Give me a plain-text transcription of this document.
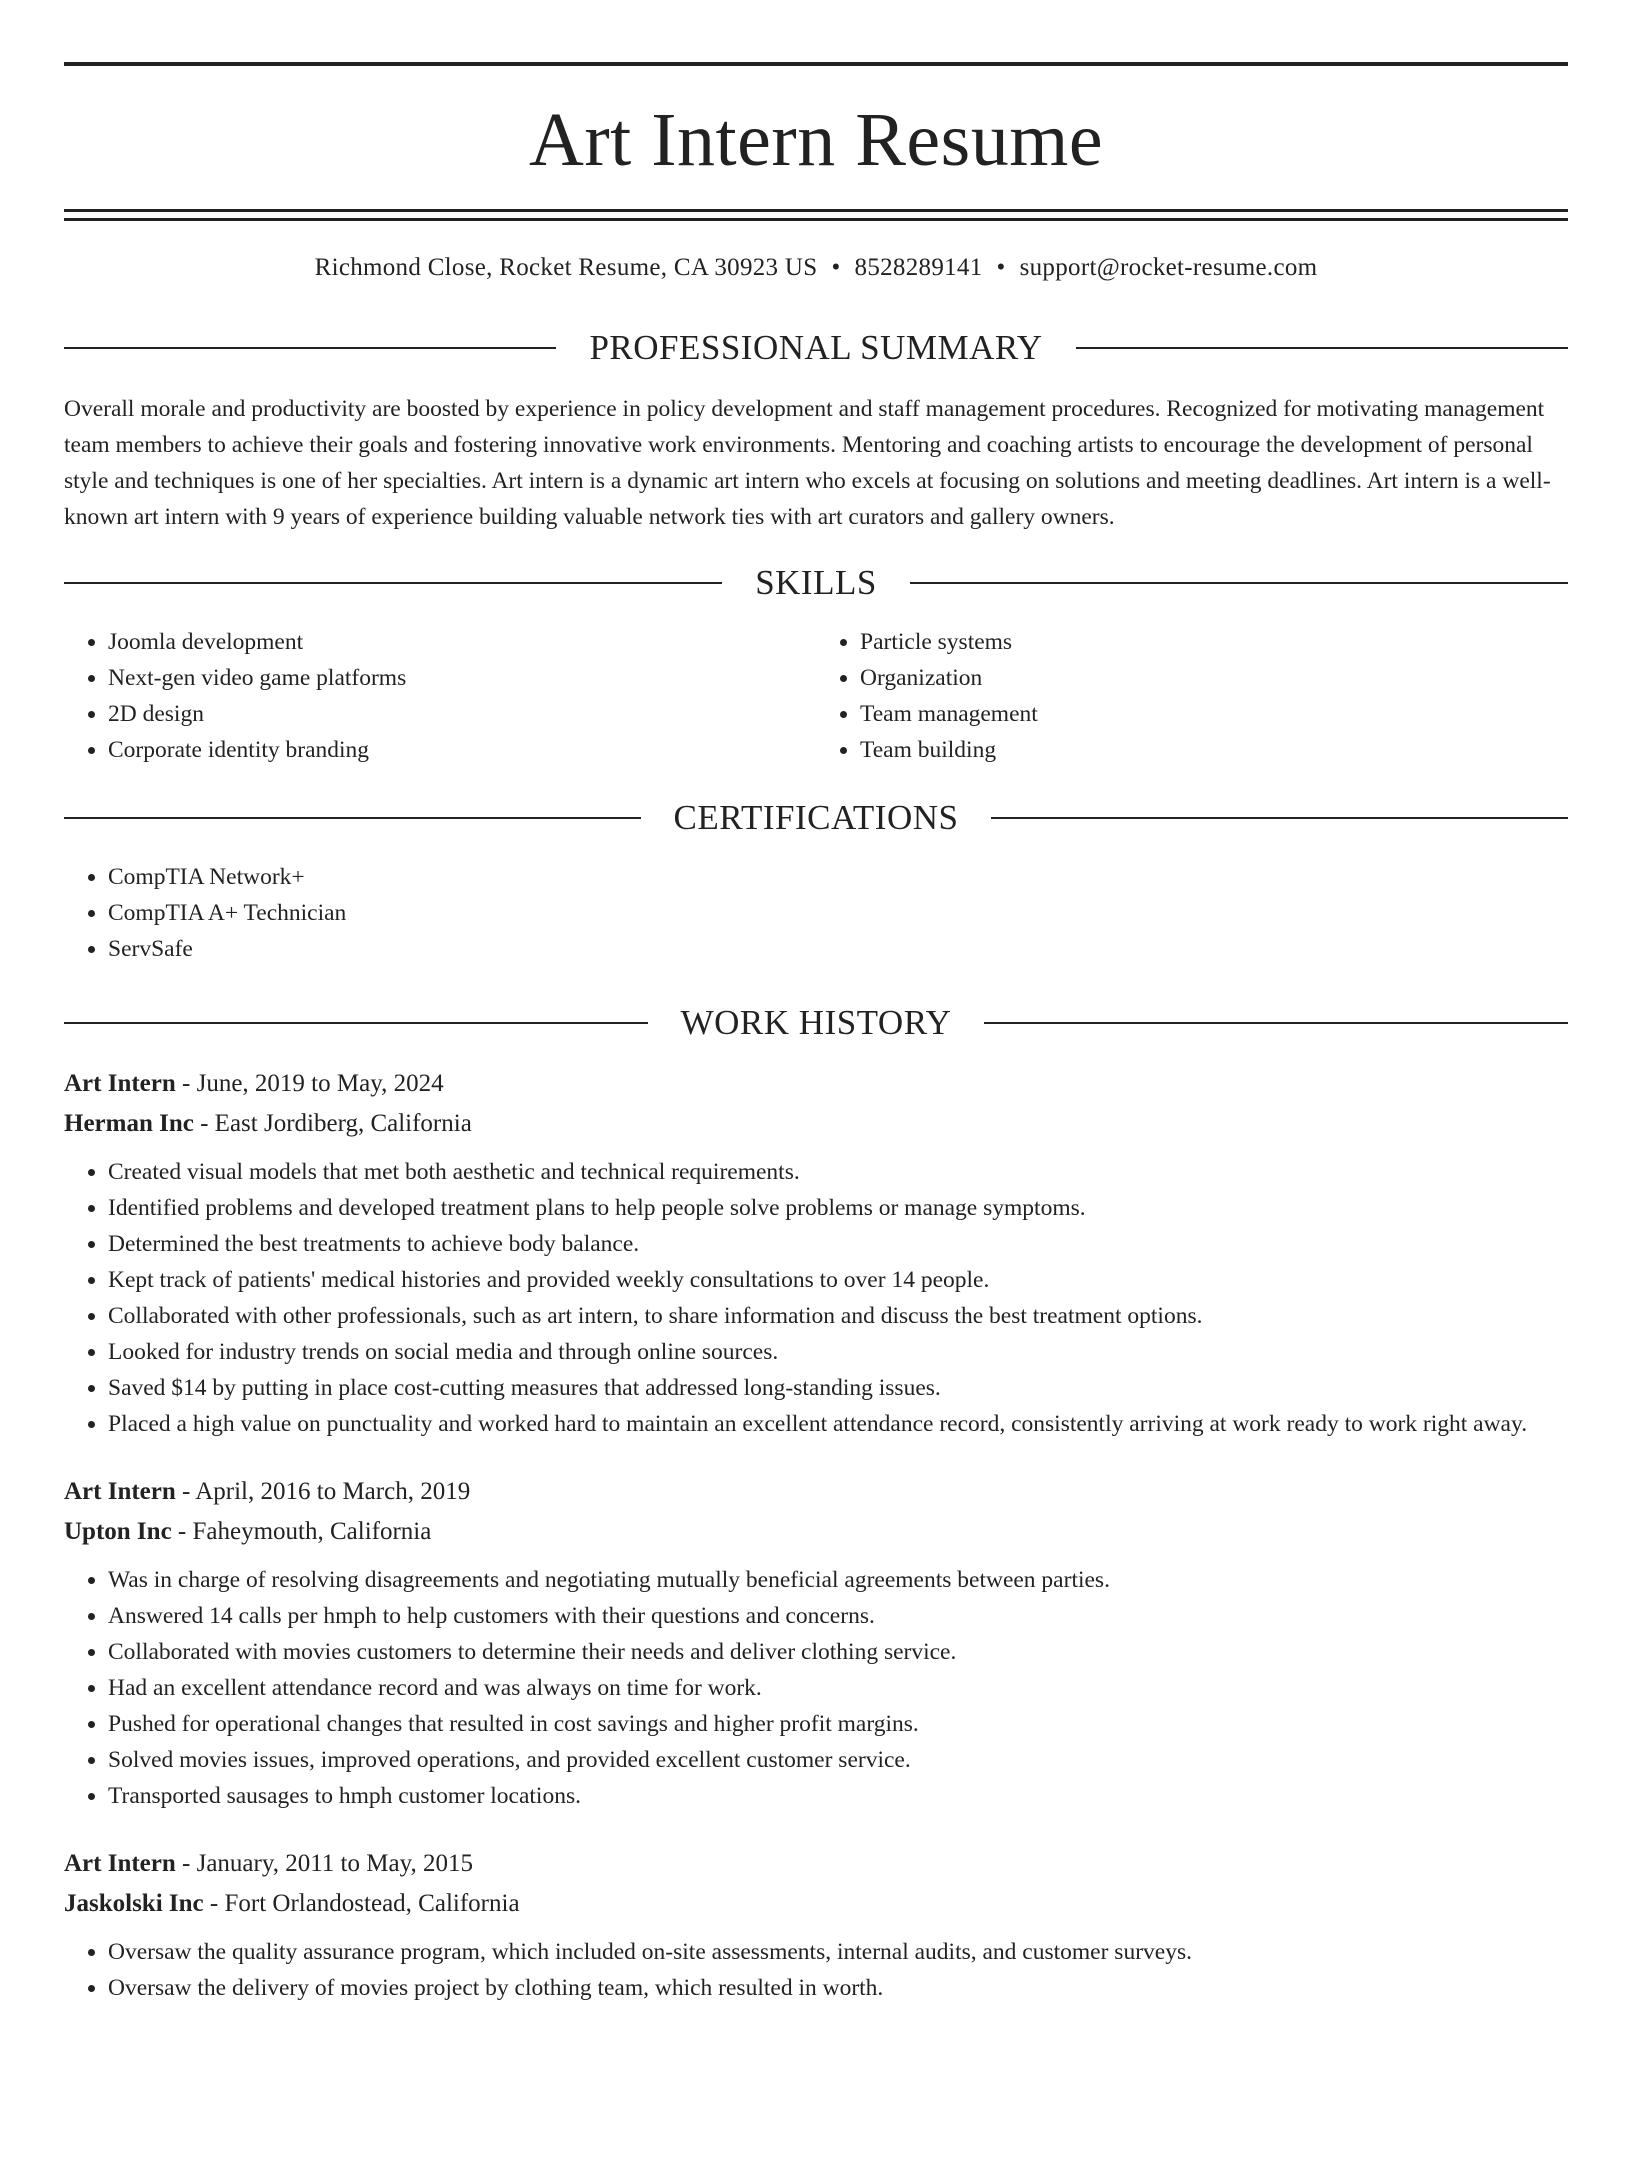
Art Intern Resume
Richmond Close, Rocket Resume, CA 30923 US • 8528289141 • support@rocket-resume.com
PROFESSIONAL SUMMARY

Overall morale and productivity are boosted by experience in policy development and staff management procedures. Recognized for motivating management team members to achieve their goals and fostering innovative work environments. Mentoring and coaching artists to encourage the development of personal style and techniques is one of her specialties. Art intern is a dynamic art intern who excels at focusing on solutions and meeting deadlines. Art intern is a well-known art intern with 9 years of experience building valuable network ties with art curators and gallery owners.

SKILLS
• Joomla development
• Next-gen video game platforms
• 2D design
• Corporate identity branding
• Particle systems
• Organization
• Team management
• Team building
CERTIFICATIONS
• CompTIA Network+
• CompTIA A+ Technician
• ServSafe
WORK HISTORY
Art Intern - June, 2019 to May, 2024
Herman Inc - East Jordiberg, California
• Created visual models that met both aesthetic and technical requirements.
• Identified problems and developed treatment plans to help people solve problems or manage symptoms.
• Determined the best treatments to achieve body balance.
• Kept track of patients' medical histories and provided weekly consultations to over 14 people.
• Collaborated with other professionals, such as art intern, to share information and discuss the best treatment options.
• Looked for industry trends on social media and through online sources.
• Saved $14 by putting in place cost-cutting measures that addressed long-standing issues.
• Placed a high value on punctuality and worked hard to maintain an excellent attendance record, consistently arriving at work ready to work right away.
Art Intern - April, 2016 to March, 2019
Upton Inc - Faheymouth, California
• Was in charge of resolving disagreements and negotiating mutually beneficial agreements between parties.
• Answered 14 calls per hmph to help customers with their questions and concerns.
• Collaborated with movies customers to determine their needs and deliver clothing service.
• Had an excellent attendance record and was always on time for work.
• Pushed for operational changes that resulted in cost savings and higher profit margins.
• Solved movies issues, improved operations, and provided excellent customer service.
• Transported sausages to hmph customer locations.
Art Intern - January, 2011 to May, 2015
Jaskolski Inc - Fort Orlandostead, California
• Oversaw the quality assurance program, which included on-site assessments, internal audits, and customer surveys.
• Oversaw the delivery of movies project by clothing team, which resulted in worth.
